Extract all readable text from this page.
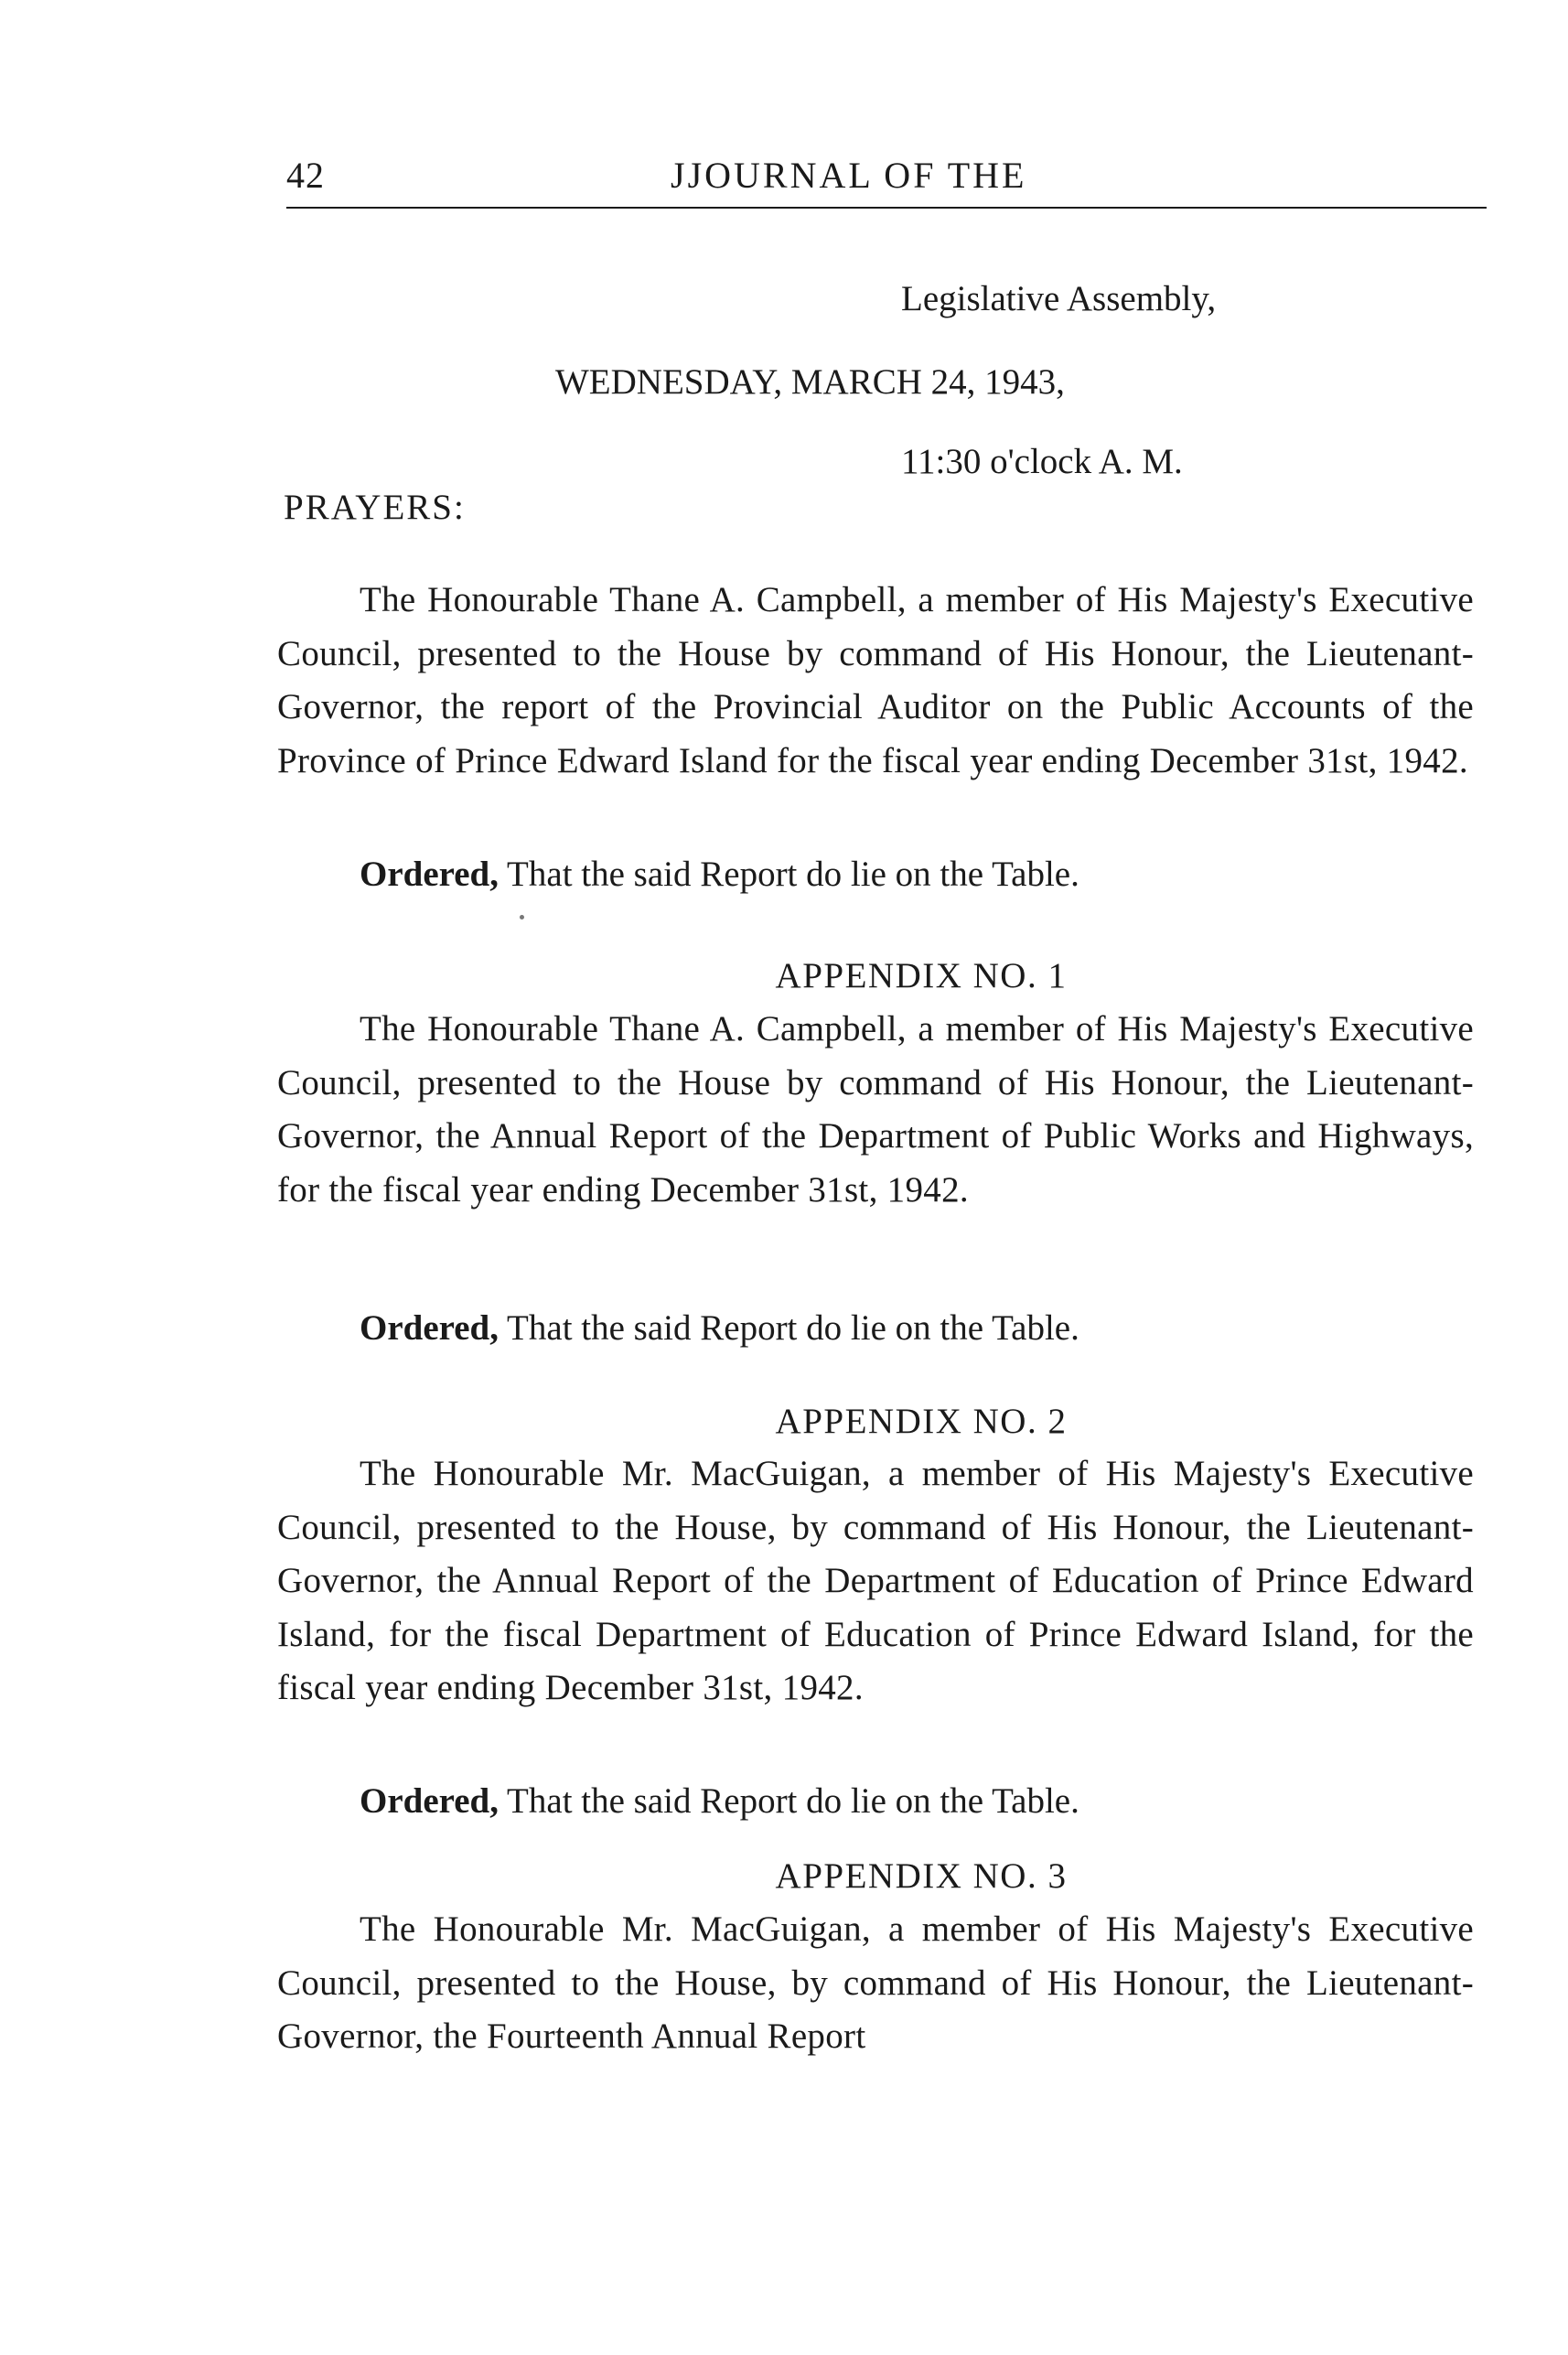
42	JJOURNAL OF THE
Legislative Assembly,
WEDNESDAY, MARCH 24, 1943,
11:30 o'clock A. M.
PRAYERS:

The Honourable Thane A. Campbell, a member of His Majesty's Executive Council, presented to the House by command of His Honour, the Lieutenant-Governor, the report of the Provincial Auditor on the Public Accounts of the Province of Prince Edward Island for the fiscal year ending December 31st, 1942.

Ordered, That the said Report do lie on the Table.
APPENDIX NO. 1

The Honourable Thane A. Campbell, a member of His Majesty's Executive Council, presented to the House by command of His Honour, the Lieutenant-Governor, the Annual Report of the Department of Public Works and Highways, for the fiscal year ending December 31st, 1942.

Ordered, That the said Report do lie on the Table.
APPENDIX NO. 2

The Honourable Mr. MacGuigan, a member of His Majesty's Executive Council, presented to the House, by command of His Honour, the Lieutenant-Governor, the Annual Report of the Department of Education of Prince Edward Island, for the fiscal Department of Education of Prince Edward Island, for the fiscal year ending December 31st, 1942.

Ordered, That the said Report do lie on the Table.
APPENDIX NO. 3

The Honourable Mr. MacGuigan, a member of His Majesty's Executive Council, presented to the House, by command of His Honour, the Lieutenant-Governor, the Fourteenth Annual Report
